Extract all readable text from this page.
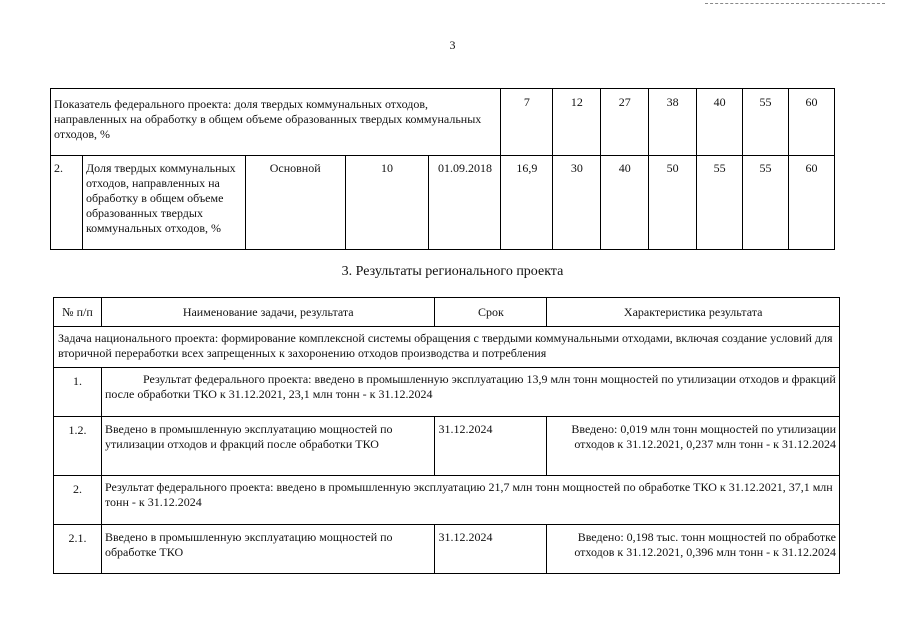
3
Показатель федерального проекта: доля твердых коммунальных отходов, направленных на обработку в общем объеме образованных твердых коммунальных отходов, %					7	12	27	38	40	55	60
2.	Доля твердых коммунальных отходов, направленных на обработку в общем объеме образованных твердых коммунальных отходов, %	Основной	10	01.09.2018	16,9	30	40	50	55	55	60
3. Результаты регионального проекта
№ п/п	Наименование задачи, результата	Срок	Характеристика результата
Задача национального проекта: формирование комплексной системы обращения с твердыми коммунальными отходами, включая создание условий для вторичной переработки всех запрещенных к захоронению отходов производства и потребления			
1.	Результат федерального проекта: введено в промышленную эксплуатацию 13,9 млн тонн мощностей по утилизации отходов и фракций после обработки ТКО к 31.12.2021, 23,1 млн тонн - к 31.12.2024		
1.2.	Введено в промышленную эксплуатацию мощностей по утилизации отходов и фракций после обработки ТКО	31.12.2024	Введено: 0,019 млн тонн мощностей по утилизации отходов к 31.12.2021, 0,237 млн тонн - к 31.12.2024
2.	Результат федерального проекта: введено в промышленную эксплуатацию 21,7 млн тонн мощностей по обработке ТКО к 31.12.2021, 37,1 млн тонн - к 31.12.2024		
2.1.	Введено в промышленную эксплуатацию мощностей по обработке ТКО	31.12.2024	Введено: 0,198 тыс. тонн мощностей по обработке отходов к 31.12.2021, 0,396 млн тонн - к 31.12.2024
